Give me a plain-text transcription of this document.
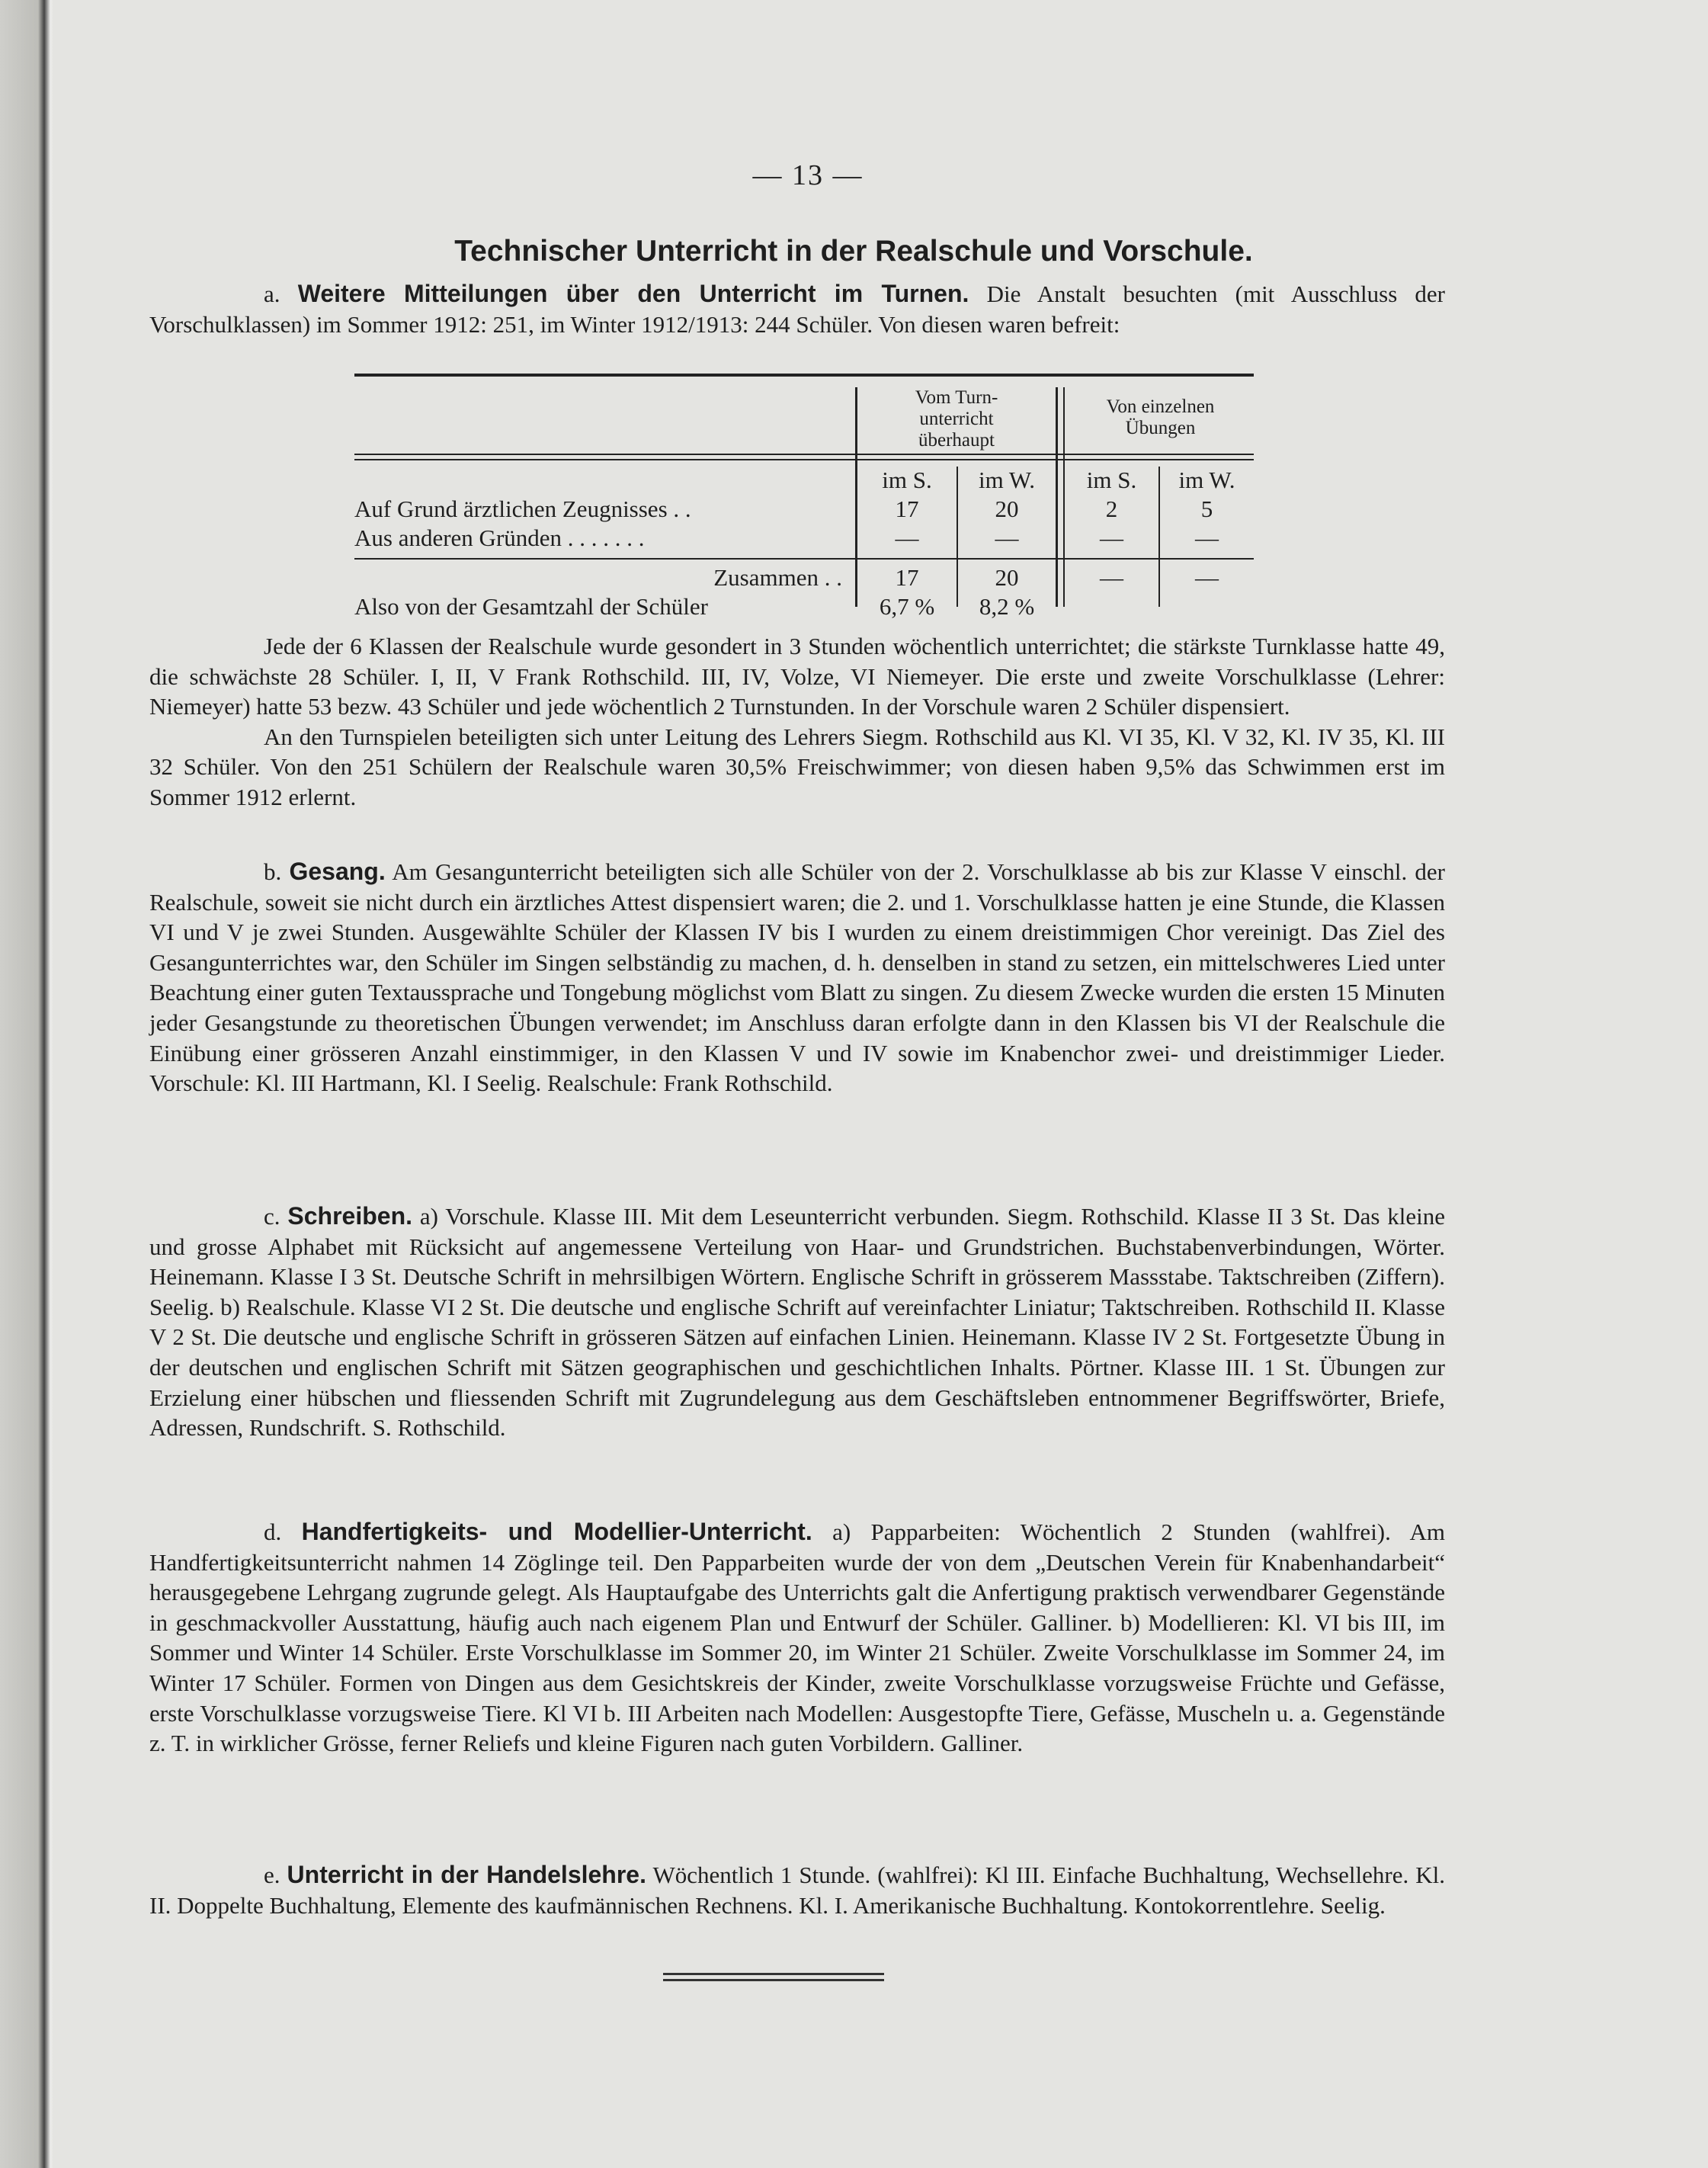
— 13 —
Technischer Unterricht in der Realschule und Vorschule.

a. Weitere Mitteilungen über den Unterricht im Turnen. Die Anstalt besuchten (mit Ausschluss der Vorschulklassen) im Sommer 1912: 251, im Winter 1912/1913: 244 Schüler. Von diesen waren befreit:

Vom Turn-
unterricht
überhaupt
Von einzelnen
Übungen
im S.	im W.	im S.	im W.
Auf Grund ärztlichen Zeugnisses . .	17	20	2	5
Aus anderen Gründen . . . . . . .	—	—	—	—
Zusammen . .	17	20	—	—
Also von der Gesamtzahl der Schüler	6,7 %	8,2 %

Jede der 6 Klassen der Realschule wurde gesondert in 3 Stunden wöchentlich unterrichtet; die stärkste Turnklasse hatte 49, die schwächste 28 Schüler. I, II, V Frank Rothschild. III, IV, Volze, VI Niemeyer. Die erste und zweite Vorschulklasse (Lehrer: Niemeyer) hatte 53 bezw. 43 Schüler und jede wöchentlich 2 Turnstunden. In der Vorschule waren 2 Schüler dispensiert.

An den Turnspielen beteiligten sich unter Leitung des Lehrers Siegm. Rothschild aus Kl. VI 35, Kl. V 32, Kl. IV 35, Kl. III 32 Schüler. Von den 251 Schülern der Realschule waren 30,5% Freischwimmer; von diesen haben 9,5% das Schwimmen erst im Sommer 1912 erlernt.

b. Gesang. Am Gesangunterricht beteiligten sich alle Schüler von der 2. Vorschulklasse ab bis zur Klasse V einschl. der Realschule, soweit sie nicht durch ein ärztliches Attest dispensiert waren; die 2. und 1. Vorschulklasse hatten je eine Stunde, die Klassen VI und V je zwei Stunden. Ausgewählte Schüler der Klassen IV bis I wurden zu einem dreistimmigen Chor vereinigt. Das Ziel des Gesangunterrichtes war, den Schüler im Singen selbständig zu machen, d. h. denselben in stand zu setzen, ein mittelschweres Lied unter Beachtung einer guten Textaussprache und Tongebung möglichst vom Blatt zu singen. Zu diesem Zwecke wurden die ersten 15 Minuten jeder Gesangstunde zu theoretischen Übungen verwendet; im Anschluss daran erfolgte dann in den Klassen bis VI der Realschule die Einübung einer grösseren Anzahl einstimmiger, in den Klassen V und IV sowie im Knabenchor zwei- und dreistimmiger Lieder. Vorschule: Kl. III Hartmann, Kl. I Seelig. Realschule: Frank Rothschild.

c. Schreiben. a) Vorschule. Klasse III. Mit dem Leseunterricht verbunden. Siegm. Rothschild. Klasse II 3 St. Das kleine und grosse Alphabet mit Rücksicht auf angemessene Verteilung von Haar- und Grundstrichen. Buchstabenverbindungen, Wörter. Heinemann. Klasse I 3 St. Deutsche Schrift in mehrsilbigen Wörtern. Englische Schrift in grösserem Massstabe. Taktschreiben (Ziffern). Seelig. b) Realschule. Klasse VI 2 St. Die deutsche und englische Schrift auf vereinfachter Liniatur; Taktschreiben. Rothschild II. Klasse V 2 St. Die deutsche und englische Schrift in grösseren Sätzen auf einfachen Linien. Heinemann. Klasse IV 2 St. Fortgesetzte Übung in der deutschen und englischen Schrift mit Sätzen geographischen und geschichtlichen Inhalts. Pörtner. Klasse III. 1 St. Übungen zur Erzielung einer hübschen und fliessenden Schrift mit Zugrundelegung aus dem Geschäftsleben entnommener Begriffswörter, Briefe, Adressen, Rundschrift. S. Rothschild.

d. Handfertigkeits- und Modellier-Unterricht. a) Papparbeiten: Wöchentlich 2 Stunden (wahlfrei). Am Handfertigkeitsunterricht nahmen 14 Zöglinge teil. Den Papparbeiten wurde der von dem „Deutschen Verein für Knabenhandarbeit“ herausgegebene Lehrgang zugrunde gelegt. Als Hauptaufgabe des Unterrichts galt die Anfertigung praktisch verwendbarer Gegenstände in geschmackvoller Ausstattung, häufig auch nach eigenem Plan und Entwurf der Schüler. Galliner. b) Modellieren: Kl. VI bis III, im Sommer und Winter 14 Schüler. Erste Vorschulklasse im Sommer 20, im Winter 21 Schüler. Zweite Vorschulklasse im Sommer 24, im Winter 17 Schüler. Formen von Dingen aus dem Gesichtskreis der Kinder, zweite Vorschulklasse vorzugsweise Früchte und Gefässe, erste Vorschulklasse vorzugsweise Tiere. Kl VI b. III Arbeiten nach Modellen: Ausgestopfte Tiere, Gefässe, Muscheln u. a. Gegenstände z. T. in wirklicher Grösse, ferner Reliefs und kleine Figuren nach guten Vorbildern. Galliner.

e. Unterricht in der Handelslehre. Wöchentlich 1 Stunde. (wahlfrei): Kl III. Einfache Buchhaltung, Wechsellehre. Kl. II. Doppelte Buchhaltung, Elemente des kaufmännischen Rechnens. Kl. I. Amerikanische Buchhaltung. Kontokorrentlehre. Seelig.
